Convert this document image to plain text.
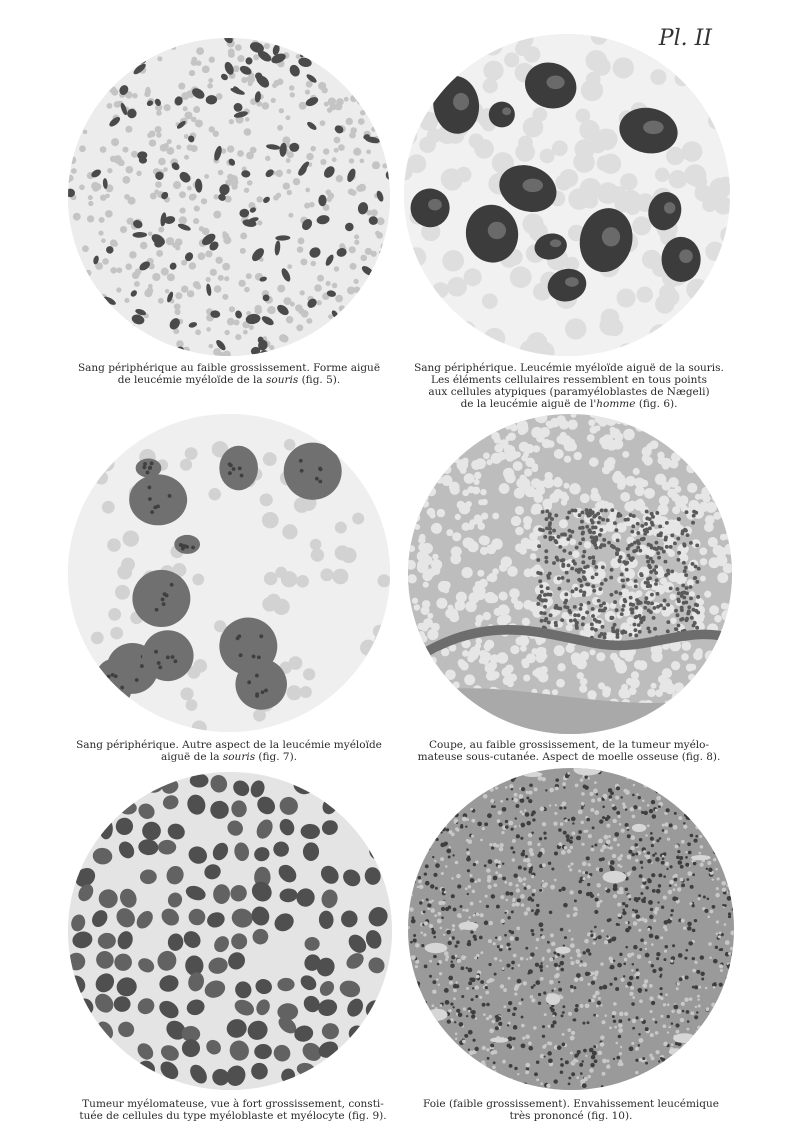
Pl. II
Sang périphérique au faible grossissement. Forme aiguë
de leucémie myéloïde de la souris (fig. 5).
Sang périphérique. Leucémie myéloïde aiguë de la souris.
Les éléments cellulaires ressemblent en tous points
aux cellules atypiques (paramyéloblastes de Nægeli)
de la leucémie aiguë de l'homme (fig. 6).
Sang périphérique. Autre aspect de la leucémie myéloïde
aiguë de la souris (fig. 7).
Coupe, au faible grossissement, de la tumeur myélo-
mateuse sous-cutanée. Aspect de moelle osseuse (fig. 8).
Tumeur myélomateuse, vue à fort grossissement, consti-
tuée de cellules du type myéloblaste et myélocyte (fig. 9).
Foie (faible grossissement). Envahissement leucémique
très prononcé (fig. 10).
